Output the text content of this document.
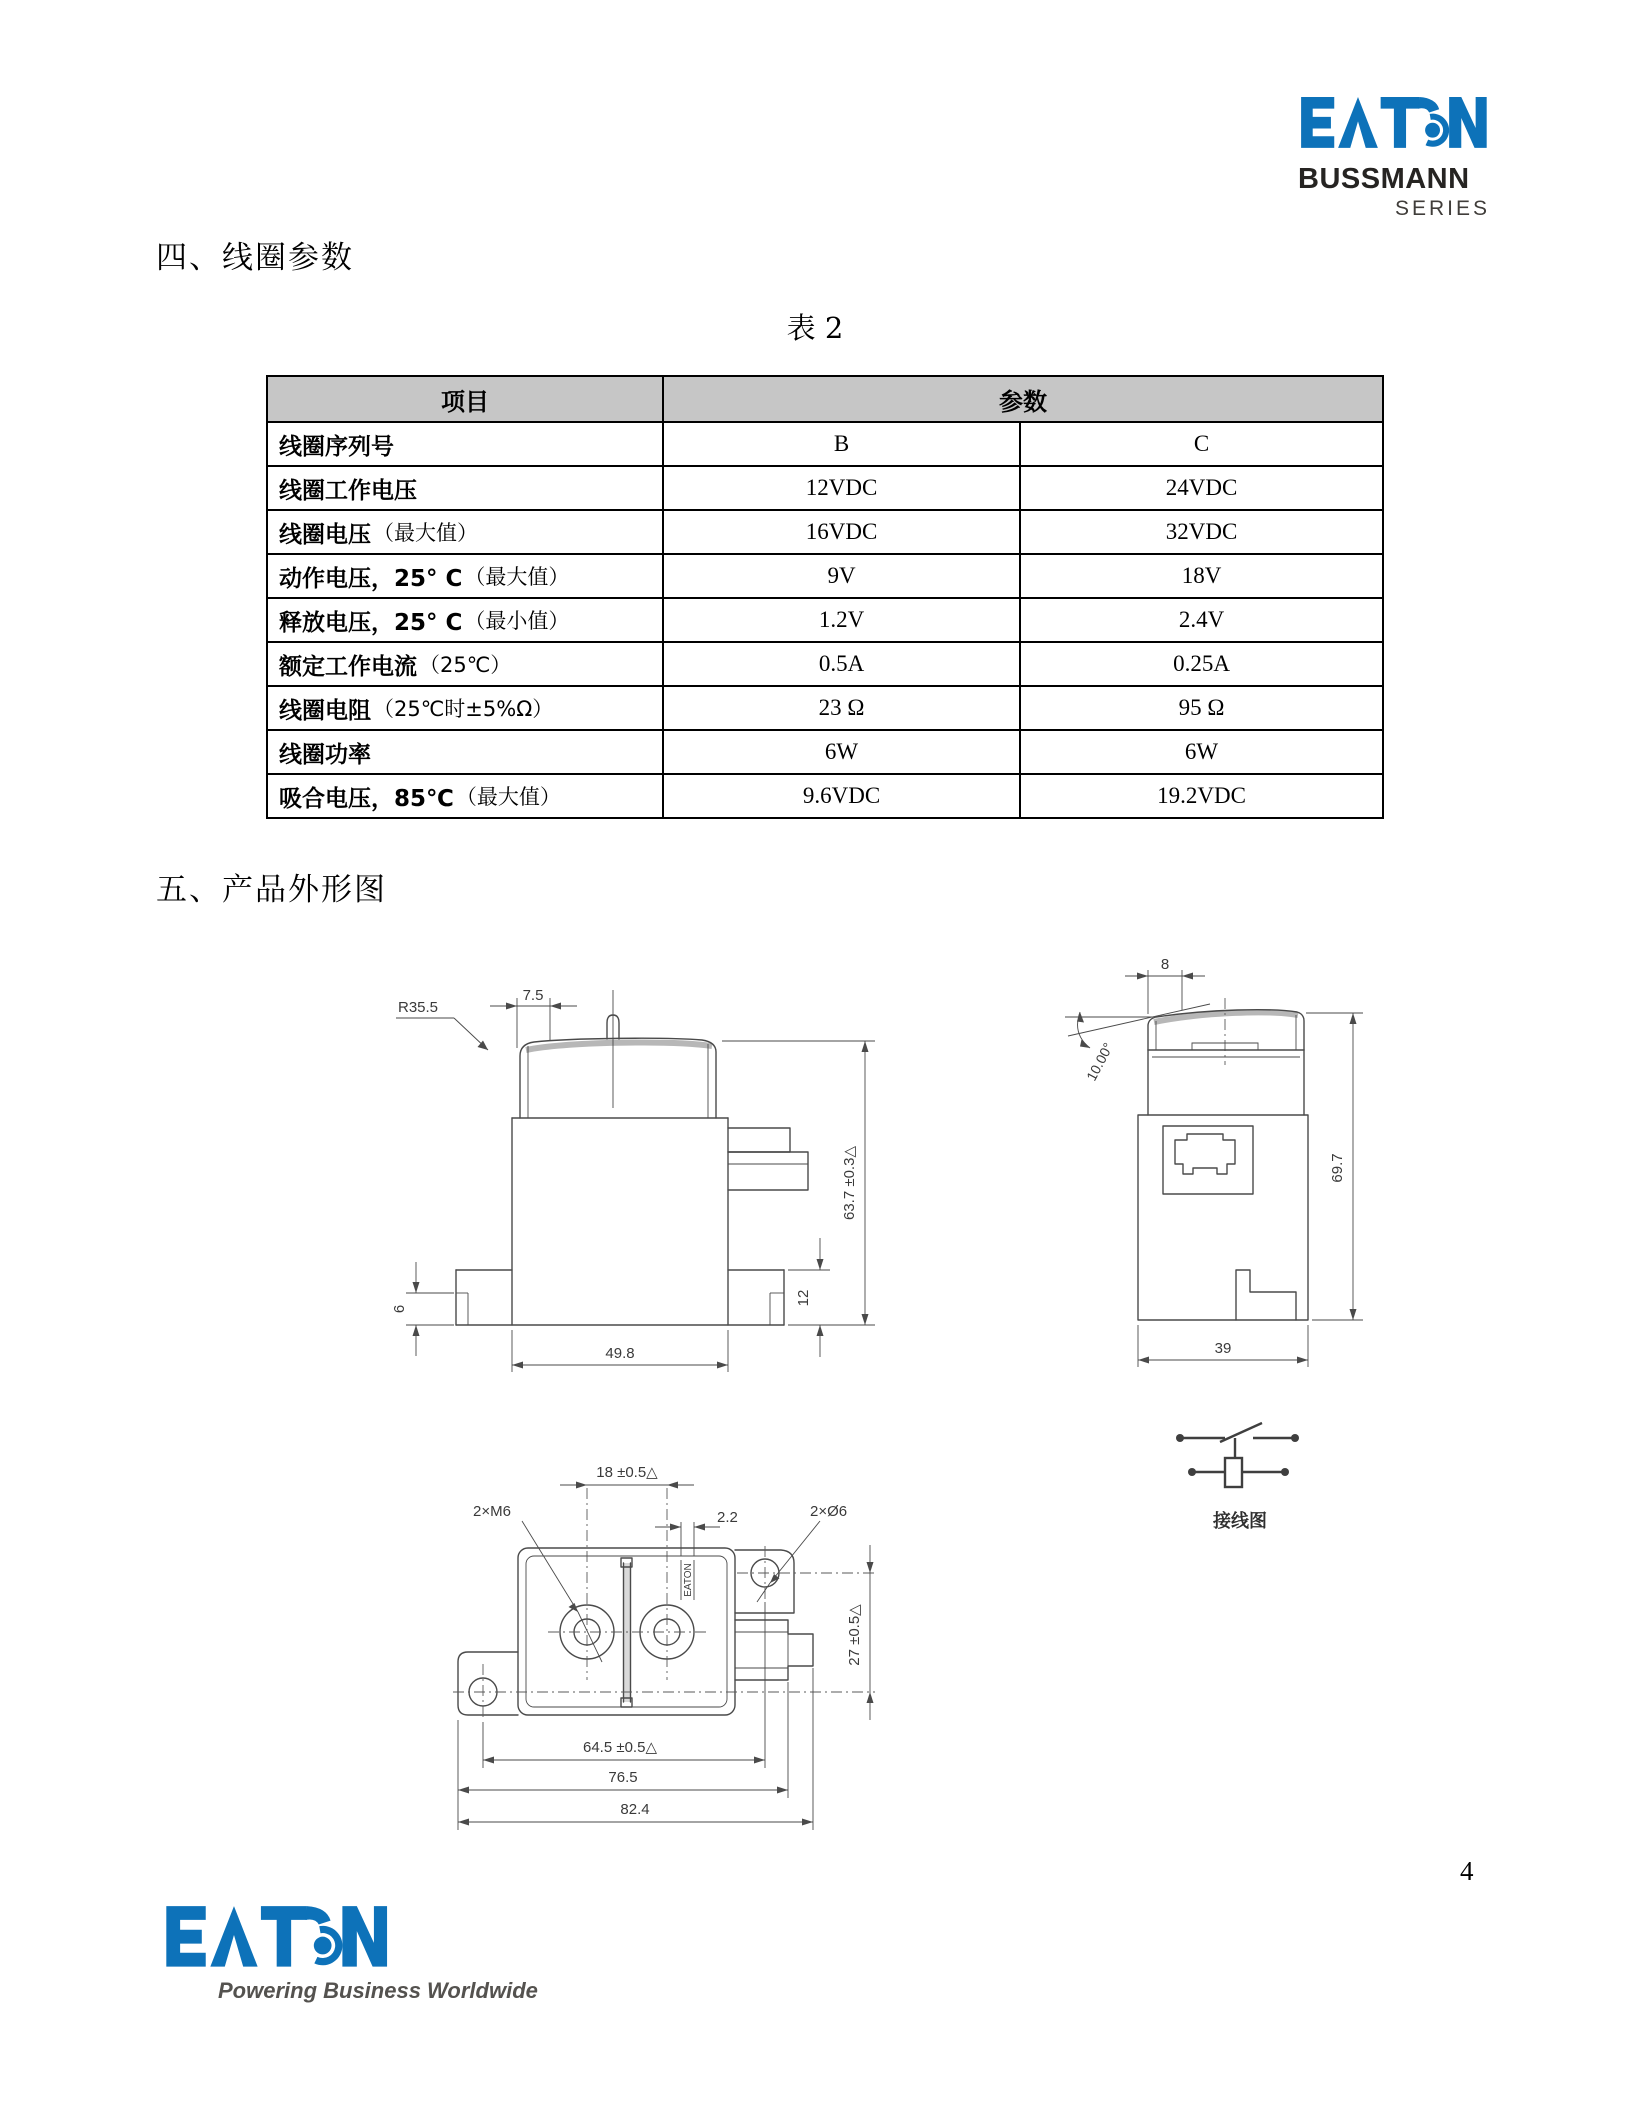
BUSSMANN
SERIES
四、线圈参数
表 2
项目	参数
线圈序列号	B	C
线圈工作电压	12VDC	24VDC
线圈电压 （最大值）	16VDC	32VDC
动作电压，25° C （最大值）	9V	18V
释放电压，25° C （最小值）	1.2V	2.4V
额定工作电流 （25℃）	0.5A	0.25A
线圈电阻 （25℃时±5%Ω）	23 Ω	95 Ω
线圈功率	6W	6W
吸合电压，85℃ （最大值）	9.6VDC	19.2VDC
五、产品外形图
R35.5
7.5
63.7 ±0.3△
6
12
49.8
8
10.00°
69.7
39
EATON
18 ±0.5△
2.2
2×M6	2×Ø6
27 ±0.5△
64.5 ±0.5△
76.5
82.4
接线图
4
Powering Business Worldwide
